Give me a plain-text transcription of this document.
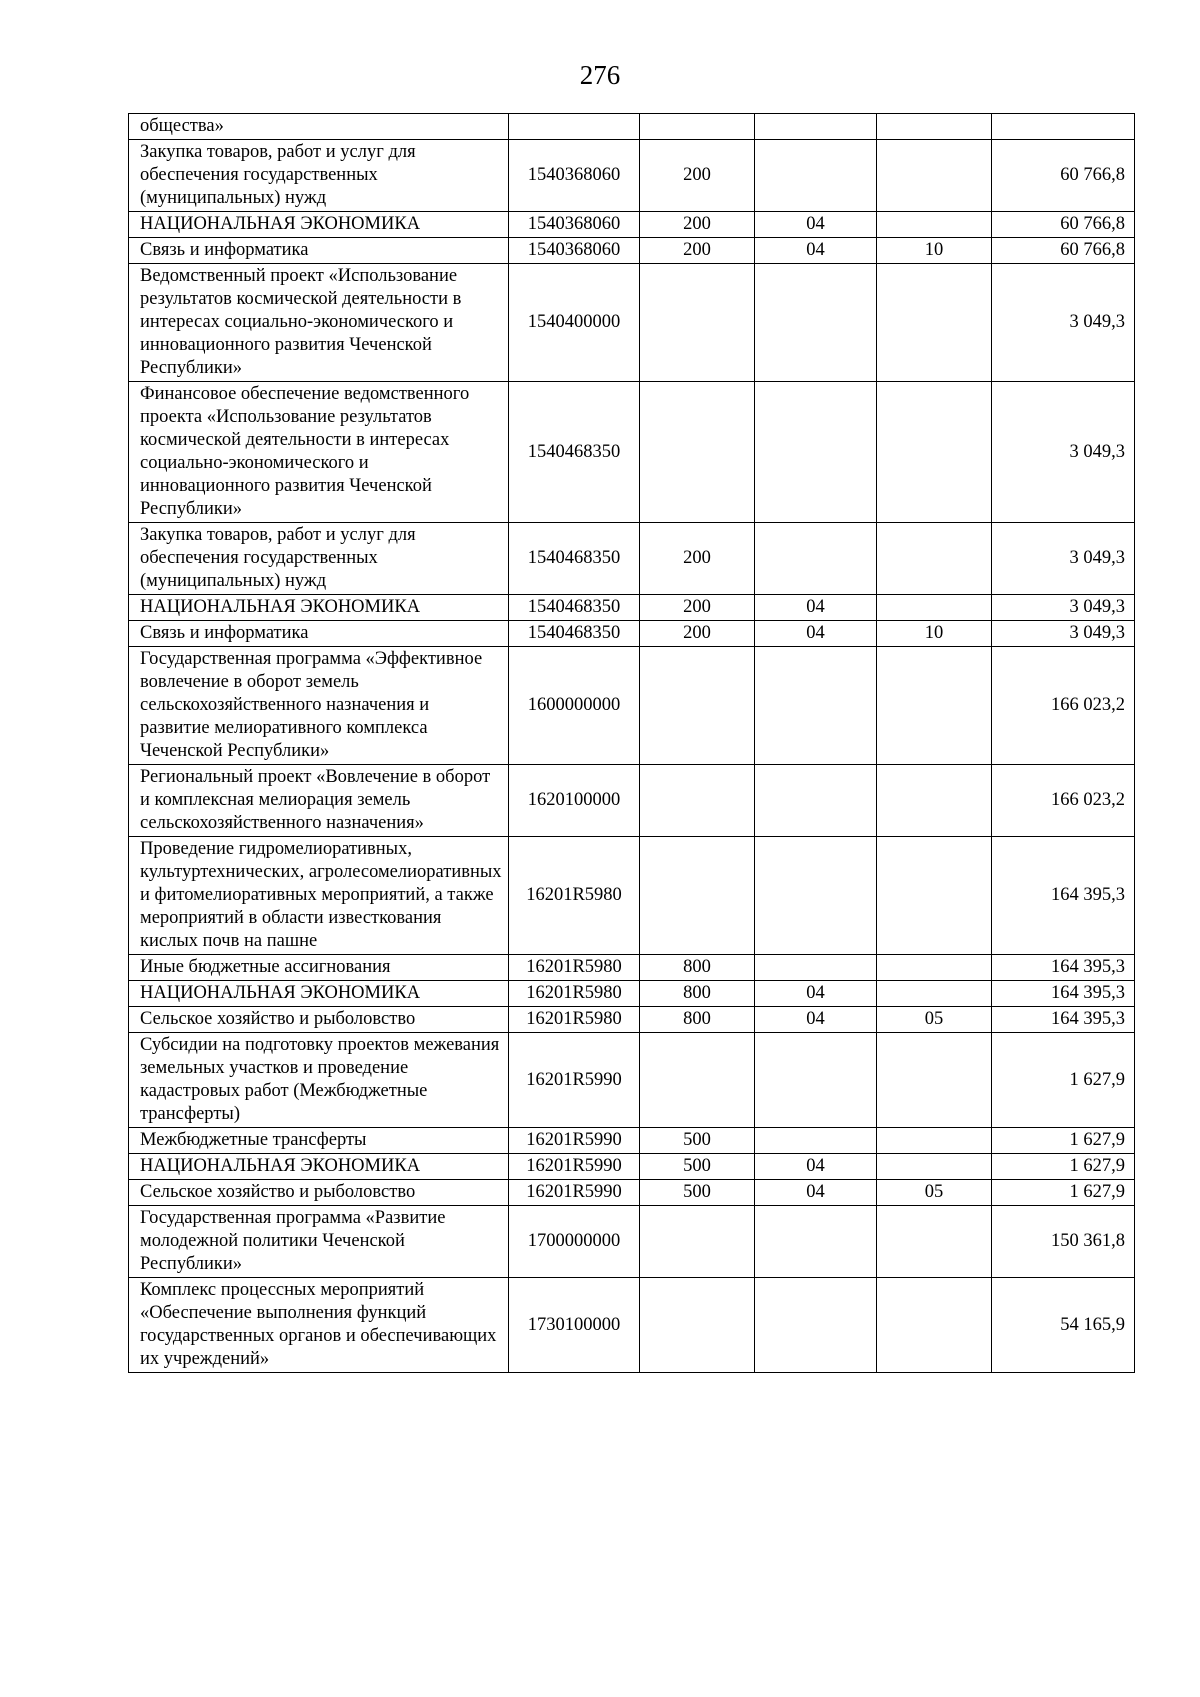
276
общества»					
Закупка товаров, работ и услуг для обеспечения государственных (муниципальных) нужд	1540368060	200			60 766,8
НАЦИОНАЛЬНАЯ ЭКОНОМИКА	1540368060	200	04		60 766,8
Связь и информатика	1540368060	200	04	10	60 766,8
Ведомственный проект «Использование результатов космической деятельности в интересах социально-экономического и инновационного развития Чеченской Республики»	1540400000				3 049,3
Финансовое обеспечение ведомственного проекта «Использование результатов космической деятельности в интересах социально-экономического и инновационного развития Чеченской Республики»	1540468350				3 049,3
Закупка товаров, работ и услуг для обеспечения государственных (муниципальных) нужд	1540468350	200			3 049,3
НАЦИОНАЛЬНАЯ ЭКОНОМИКА	1540468350	200	04		3 049,3
Связь и информатика	1540468350	200	04	10	3 049,3
Государственная программа «Эффективное вовлечение в оборот земель сельскохозяйственного назначения и развитие мелиоративного комплекса Чеченской Республики»	1600000000				166 023,2
Региональный проект «Вовлечение в оборот и комплексная мелиорация земель сельскохозяйственного назначения»	1620100000				166 023,2
Проведение гидромелиоративных, культуртехнических, агролесомелиоративных и фитомелиоративных мероприятий, а также мероприятий в области известкования кислых почв на пашне	16201R5980				164 395,3
Иные бюджетные ассигнования	16201R5980	800			164 395,3
НАЦИОНАЛЬНАЯ ЭКОНОМИКА	16201R5980	800	04		164 395,3
Сельское хозяйство и рыболовство	16201R5980	800	04	05	164 395,3
Субсидии на подготовку проектов межевания земельных участков и проведение кадастровых работ (Межбюджетные трансферты)	16201R5990				1 627,9
Межбюджетные трансферты	16201R5990	500			1 627,9
НАЦИОНАЛЬНАЯ ЭКОНОМИКА	16201R5990	500	04		1 627,9
Сельское хозяйство и рыболовство	16201R5990	500	04	05	1 627,9
Государственная программа «Развитие молодежной политики Чеченской Республики»	1700000000				150 361,8
Комплекс процессных мероприятий «Обеспечение выполнения функций государственных органов и обеспечивающих их учреждений»	1730100000				54 165,9
